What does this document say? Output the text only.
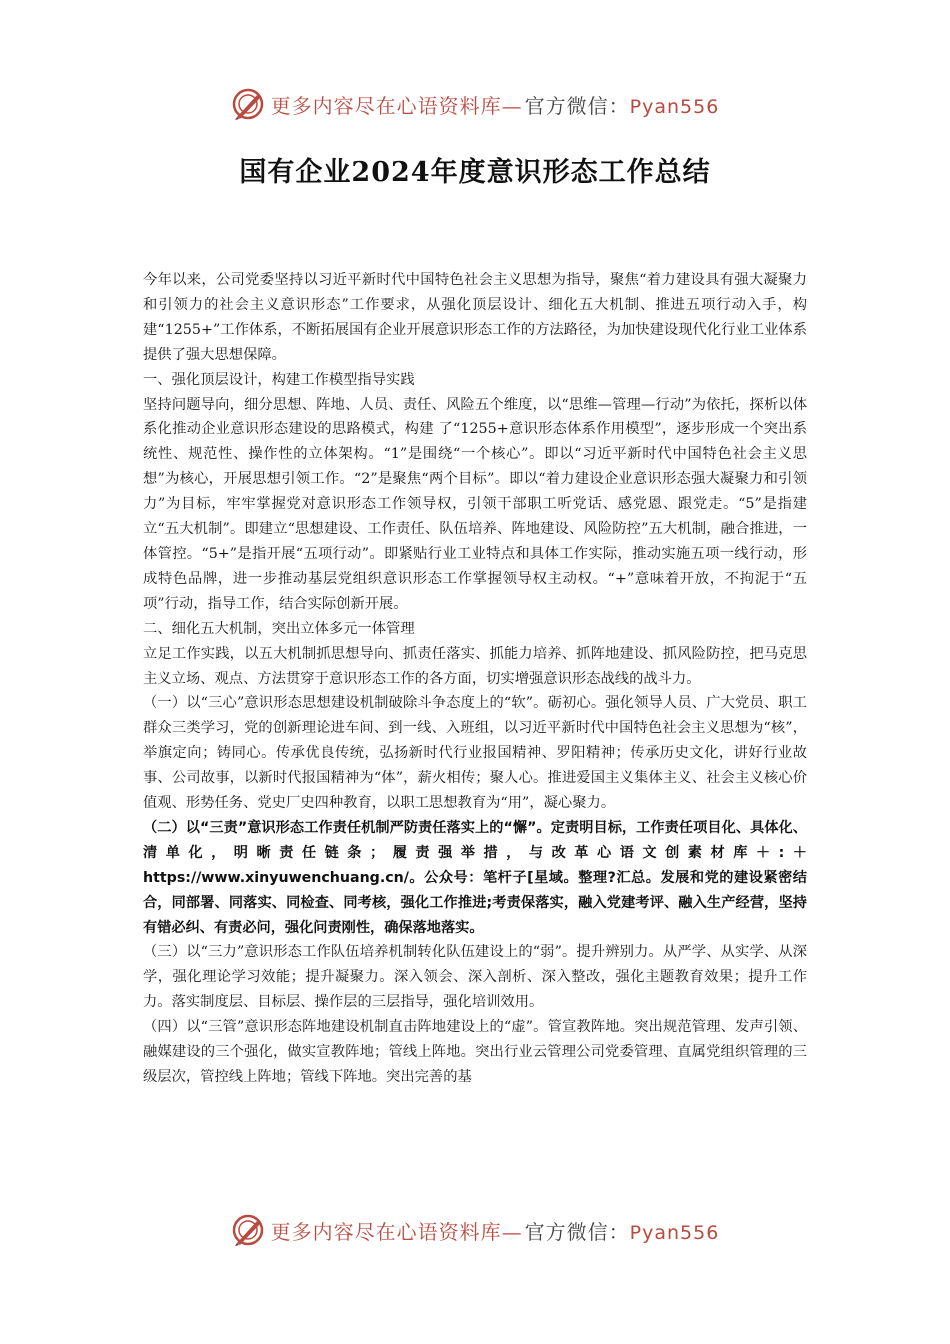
更多内容尽在心语资料库— 官方微信：Pyan556
国有企业2024年度意识形态工作总结

今年以来，公司党委坚持以习近平新时代中国特色社会主义思想为指导，聚焦“着力建设具有强大凝聚力和引领力的社会主义意识形态”工作要求，从强化顶层设计、细化五大机制、推进五项行动入手，构建“1255+”工作体系，不断拓展国有企业开展意识形态工作的方法路径，为加快建设现代化行业工业体系提供了强大思想保障。

一、强化顶层设计，构建工作模型指导实践

坚持问题导向，细分思想、阵地、人员、责任、风险五个维度，以“思维—管理—行动”为依托，探析以体系化推动企业意识形态建设的思路模式，构建 了“1255+意识形态体系作用模型”，逐步形成一个突出系统性、规范性、操作性的立体架构。“1”是围绕“一个核心”。即以“习近平新时代中国特色社会主义思想”为核心，开展思想引领工作。“2”是聚焦“两个目标”。即以“着力建设企业意识形态强大凝聚力和引领力”为目标，牢牢掌握党对意识形态工作领导权，引领干部职工听党话、感党恩、跟党走。“5”是指建立“五大机制”。即建立“思想建设、工作责任、队伍培养、阵地建设、风险防控”五大机制，融合推进，一体管控。“5+”是指开展“五项行动”。即紧贴行业工业特点和具体工作实际，推动实施五项一线行动，形成特色品牌，进一步推动基层党组织意识形态工作掌握领导权主动权。“+”意味着开放，不拘泥于“五项”行动，指导工作，结合实际创新开展。

二、细化五大机制，突出立体多元一体管理

立足工作实践，以五大机制抓思想导向、抓责任落实、抓能力培养、抓阵地建设、抓风险防控，把马克思主义立场、观点、方法贯穿于意识形态工作的各方面，切实增强意识形态战线的战斗力。

（一）以“三心”意识形态思想建设机制破除斗争态度上的“软”。砺初心。强化领导人员、广大党员、职工群众三类学习，党的创新理论进车间、到一线、入班组，以习近平新时代中国特色社会主义思想为“核”，举旗定向；铸同心。传承优良传统，弘扬新时代行业报国精神、罗阳精神；传承历史文化，讲好行业故事、公司故事，以新时代报国精神为“体”，薪火相传；聚人心。推进爱国主义集体主义、社会主义核心价值观、形势任务、党史厂史四种教育，以职工思想教育为“用”，凝心聚力。

（二）以“三责”意识形态工作责任机制严防责任落实上的“懈”。定责明目标，工作责任项目化、具体化、清单化，明晰责任链条；履责强举措，与改革心语文创素材库＋:＋https://www.xinyuwenchuang.cn/。公众号：笔杆子[星域。整理?汇总。发展和党的建设紧密结合，同部署、同落实、同检查、同考核，强化工作推进;考责保落实，融入党建考评、融入生产经营，坚持有错必纠、有责必问，强化问责刚性，确保落地落实。

（三）以“三力”意识形态工作队伍培养机制转化队伍建设上的“弱”。提升辨别力。从严学、从实学、从深学，强化理论学习效能；提升凝聚力。深入领会、深入剖析、深入整改，强化主题教育效果；提升工作力。落实制度层、目标层、操作层的三层指导，强化培训效用。

（四）以“三管”意识形态阵地建设机制直击阵地建设上的“虚”。管宣教阵地。突出规范管理、发声引领、融媒建设的三个强化，做实宣教阵地；管线上阵地。突出行业云管理公司党委管理、直属党组织管理的三级层次，管控线上阵地；管线下阵地。突出完善的基

更多内容尽在心语资料库— 官方微信：Pyan556
